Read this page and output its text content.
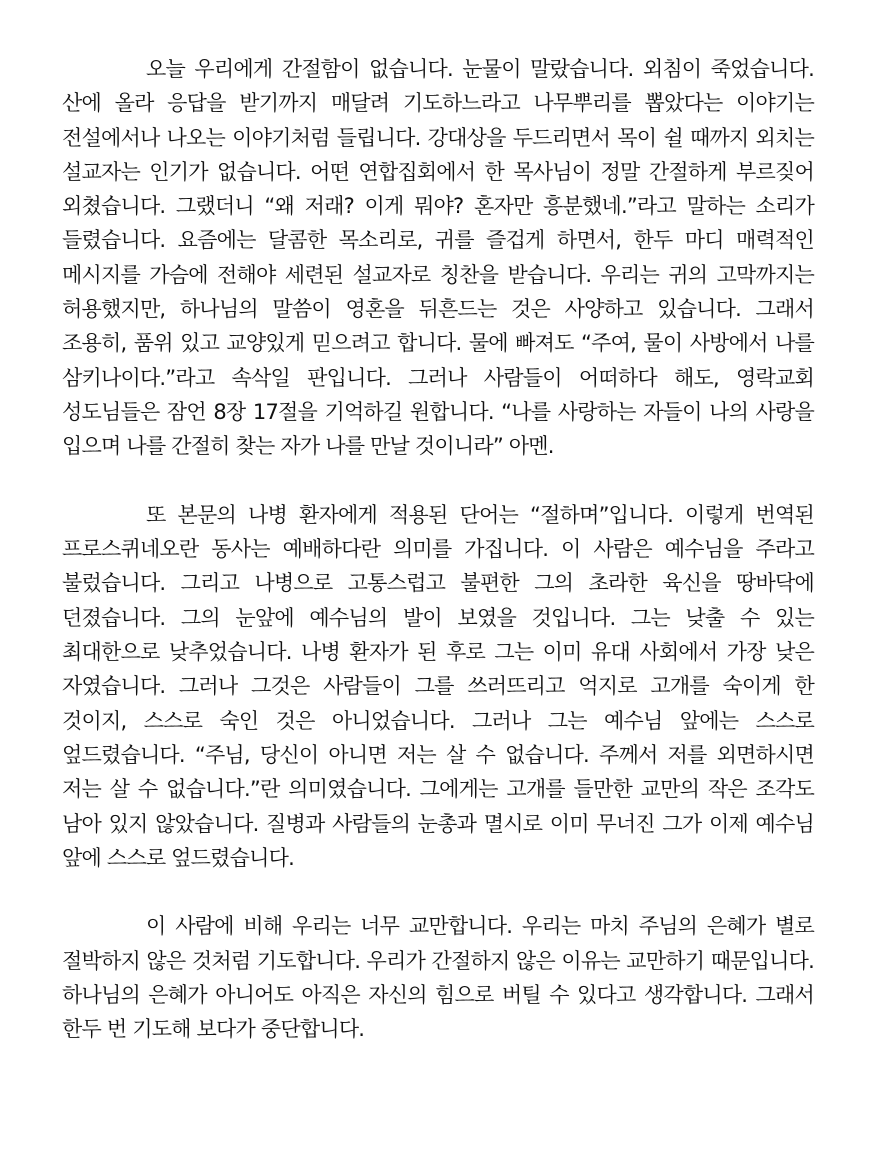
오늘 우리에게 간절함이 없습니다. 눈물이 말랐습니다. 외침이 죽었습니다. 산에 올라 응답을 받기까지 매달려 기도하느라고 나무뿌리를 뽑았다는 이야기는 전설에서나 나오는 이야기처럼 들립니다. 강대상을 두드리면서 목이 쉴 때까지 외치는 설교자는 인기가 없습니다. 어떤 연합집회에서 한 목사님이 정말 간절하게 부르짖어 외쳤습니다. 그랬더니 “왜 저래? 이게 뭐야? 혼자만 흥분했네.”라고 말하는 소리가 들렸습니다. 요즘에는 달콤한 목소리로, 귀를 즐겁게 하면서, 한두 마디 매력적인 메시지를 가슴에 전해야 세련된 설교자로 칭찬을 받습니다. 우리는 귀의 고막까지는 허용했지만, 하나님의 말씀이 영혼을 뒤흔드는 것은 사양하고 있습니다. 그래서 조용히, 품위 있고 교양있게 믿으려고 합니다. 물에 빠져도 “주여, 물이 사방에서 나를 삼키나이다.”라고 속삭일 판입니다. 그러나 사람들이 어떠하다 해도, 영락교회 성도님들은 잠언 8장 17절을 기억하길 원합니다. “나를 사랑하는 자들이 나의 사랑을 입으며 나를 간절히 찾는 자가 나를 만날 것이니라” 아멘.

또 본문의 나병 환자에게 적용된 단어는 “절하며”입니다. 이렇게 번역된 프로스퀴네오란 동사는 예배하다란 의미를 가집니다. 이 사람은 예수님을 주라고 불렀습니다. 그리고 나병으로 고통스럽고 불편한 그의 초라한 육신을 땅바닥에 던졌습니다. 그의 눈앞에 예수님의 발이 보였을 것입니다. 그는 낮출 수 있는 최대한으로 낮추었습니다. 나병 환자가 된 후로 그는 이미 유대 사회에서 가장 낮은 자였습니다. 그러나 그것은 사람들이 그를 쓰러뜨리고 억지로 고개를 숙이게 한 것이지, 스스로 숙인 것은 아니었습니다. 그러나 그는 예수님 앞에는 스스로 엎드렸습니다. “주님, 당신이 아니면 저는 살 수 없습니다. 주께서 저를 외면하시면 저는 살 수 없습니다.”란 의미였습니다. 그에게는 고개를 들만한 교만의 작은 조각도 남아 있지 않았습니다. 질병과 사람들의 눈총과 멸시로 이미 무너진 그가 이제 예수님 앞에 스스로 엎드렸습니다.

이 사람에 비해 우리는 너무 교만합니다. 우리는 마치 주님의 은혜가 별로 절박하지 않은 것처럼 기도합니다. 우리가 간절하지 않은 이유는 교만하기 때문입니다. 하나님의 은혜가 아니어도 아직은 자신의 힘으로 버틸 수 있다고 생각합니다. 그래서 한두 번 기도해 보다가 중단합니다.
